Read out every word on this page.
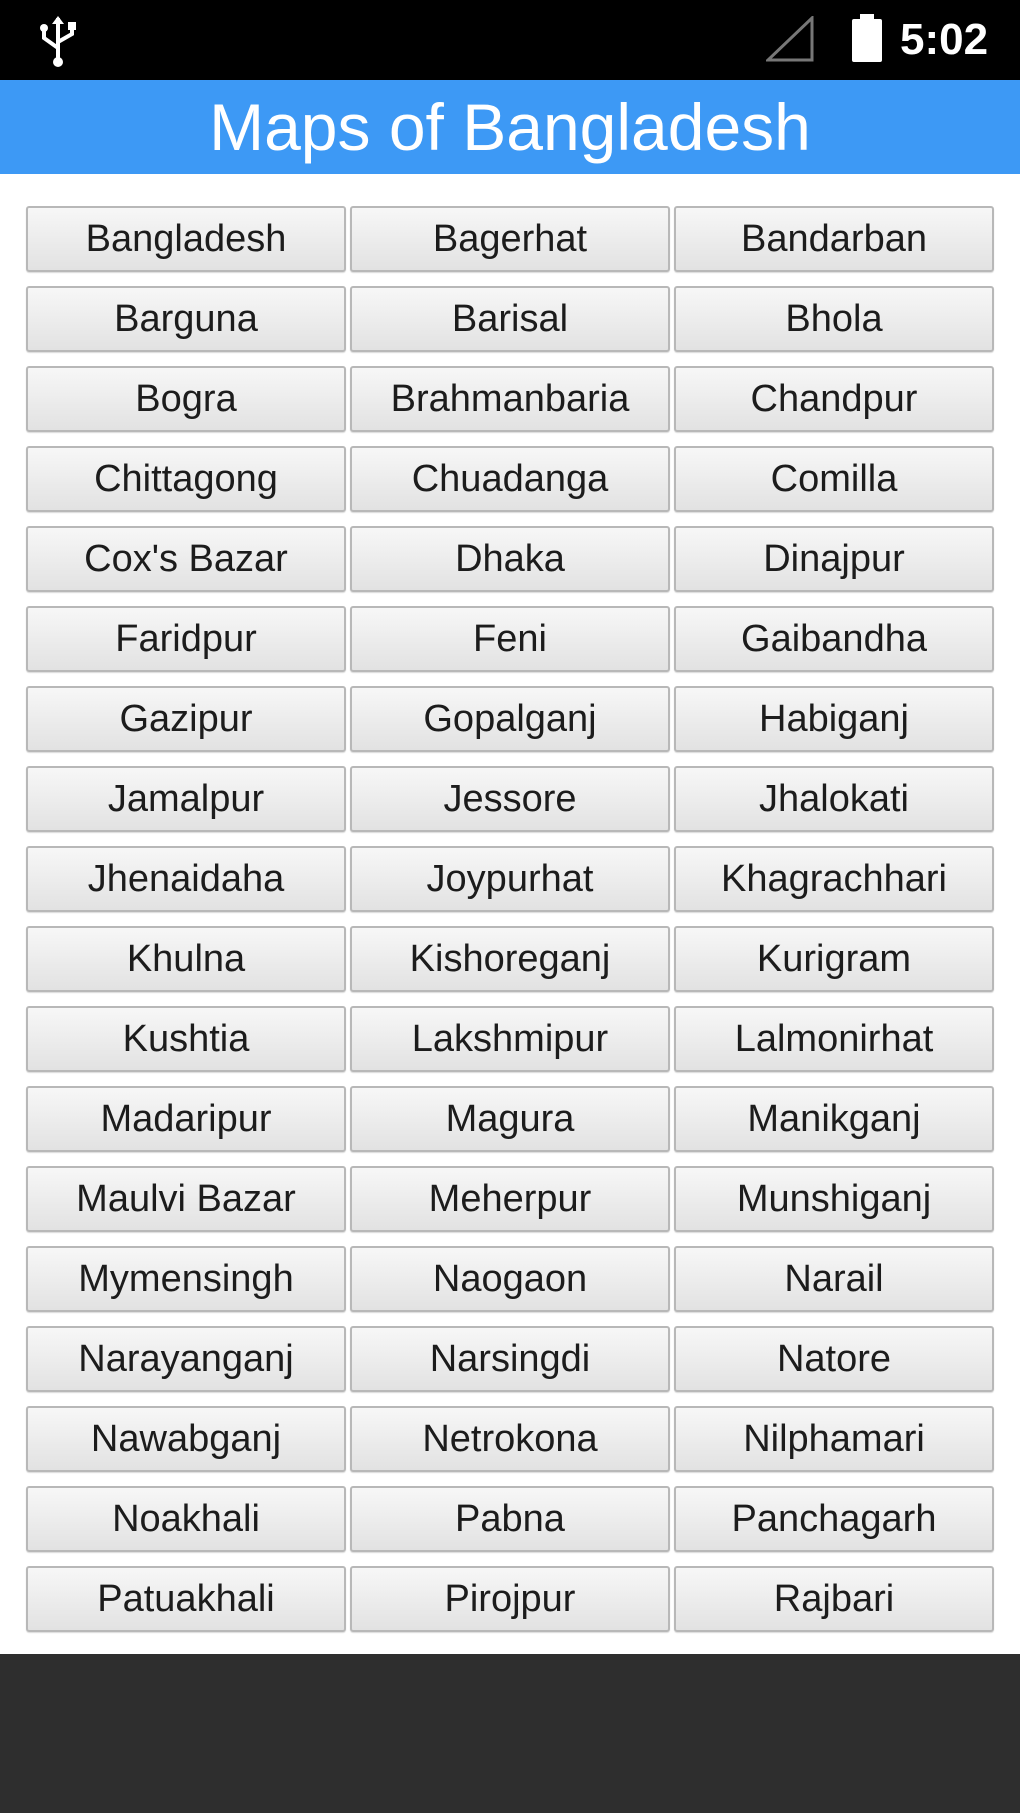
5:02
Maps of Bangladesh
Bangladesh	Bagerhat	Bandarban
Barguna	Barisal	Bhola
Bogra	Brahmanbaria	Chandpur
Chittagong	Chuadanga	Comilla
Cox's Bazar	Dhaka	Dinajpur
Faridpur	Feni	Gaibandha
Gazipur	Gopalganj	Habiganj
Jamalpur	Jessore	Jhalokati
Jhenaidaha	Joypurhat	Khagrachhari
Khulna	Kishoreganj	Kurigram
Kushtia	Lakshmipur	Lalmonirhat
Madaripur	Magura	Manikganj
Maulvi Bazar	Meherpur	Munshiganj
Mymensingh	Naogaon	Narail
Narayanganj	Narsingdi	Natore
Nawabganj	Netrokona	Nilphamari
Noakhali	Pabna	Panchagarh
Patuakhali	Pirojpur	Rajbari
